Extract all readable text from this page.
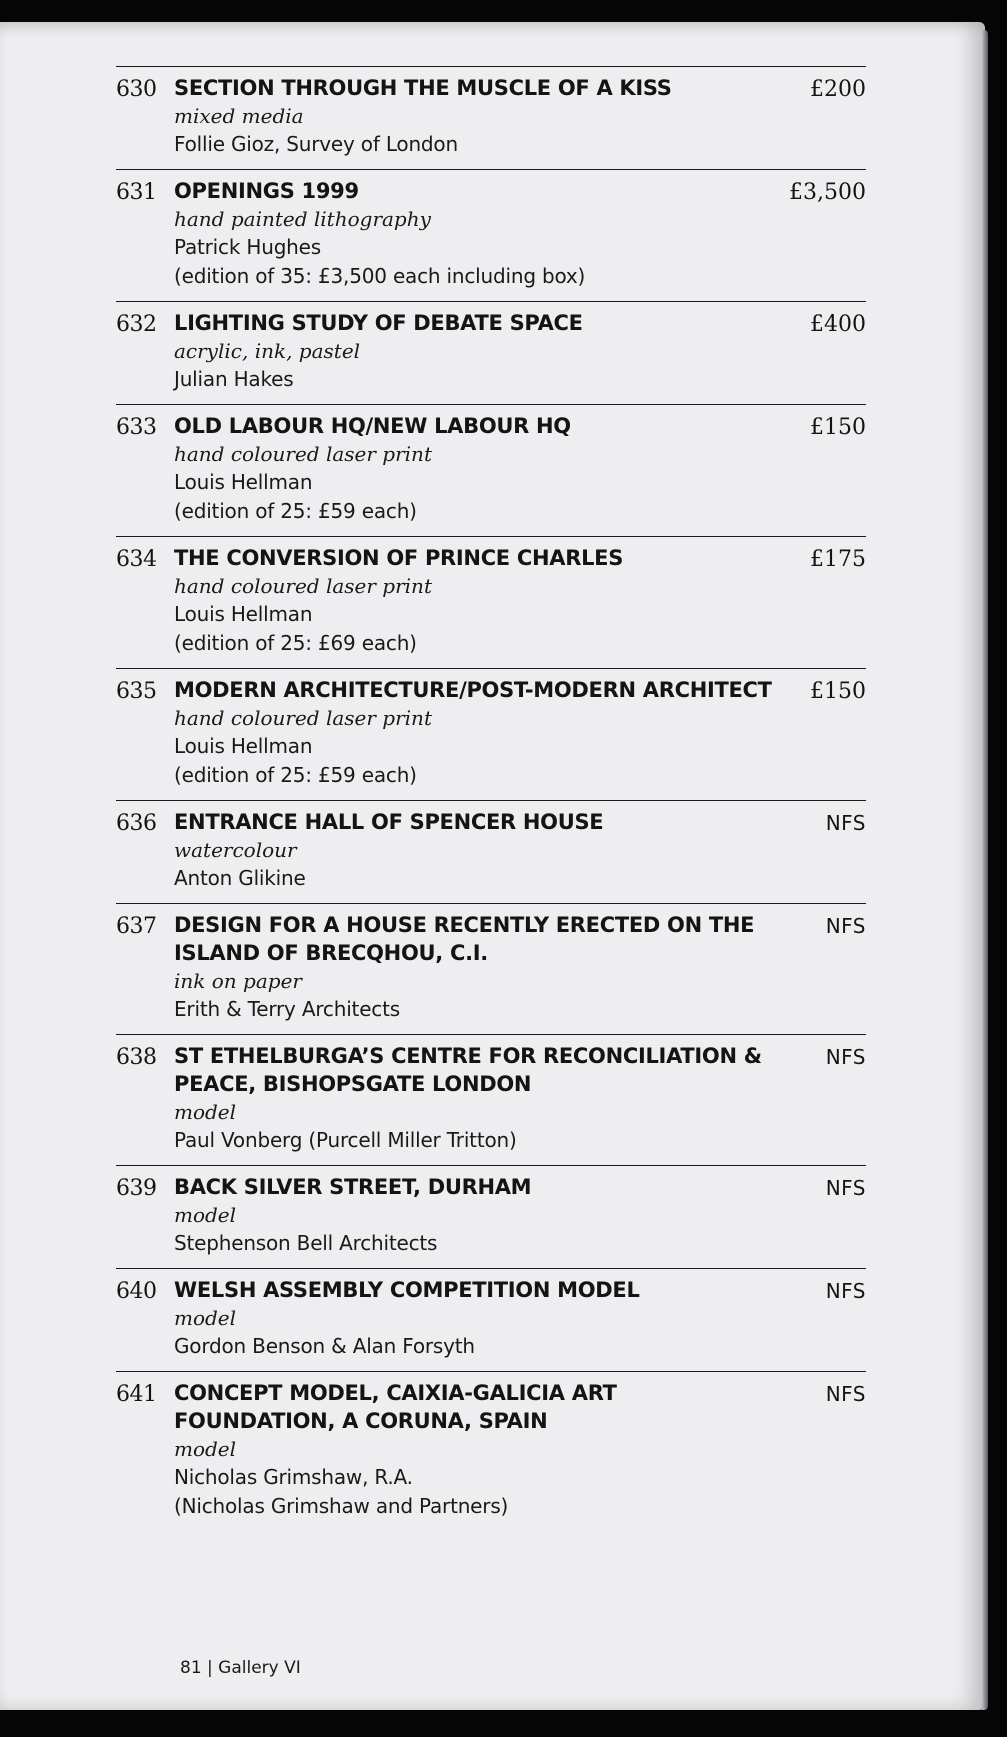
630 SECTION THROUGH THE MUSCLE OF A KISS
mixed media
Follie Gioz, Survey of London
£200
631 OPENINGS 1999
hand painted lithography
Patrick Hughes
(edition of 35: £3,500 each including box)
£3,500
632 LIGHTING STUDY OF DEBATE SPACE
acrylic, ink, pastel
Julian Hakes
£400
633 OLD LABOUR HQ/NEW LABOUR HQ
hand coloured laser print
Louis Hellman
(edition of 25: £59 each)
£150
634 THE CONVERSION OF PRINCE CHARLES
hand coloured laser print
Louis Hellman
(edition of 25: £69 each)
£175
635 MODERN ARCHITECTURE/POST-MODERN ARCHITECT
hand coloured laser print
Louis Hellman
(edition of 25: £59 each)
£150
636 ENTRANCE HALL OF SPENCER HOUSE
watercolour
Anton Glikine
NFS
637 DESIGN FOR A HOUSE RECENTLY ERECTED ON THE ISLAND OF BRECQHOU, C.I.
ink on paper
Erith & Terry Architects
NFS
638 ST ETHELBURGA’S CENTRE FOR RECONCILIATION & PEACE, BISHOPSGATE LONDON
model
Paul Vonberg (Purcell Miller Tritton)
NFS
639 BACK SILVER STREET, DURHAM
model
Stephenson Bell Architects
NFS
640 WELSH ASSEMBLY COMPETITION MODEL
model
Gordon Benson & Alan Forsyth
NFS
641 CONCEPT MODEL, CAIXIA-GALICIA ART FOUNDATION, A CORUNA, SPAIN
model
Nicholas Grimshaw, R.A.
(Nicholas Grimshaw and Partners)
NFS
81 | Gallery VI
